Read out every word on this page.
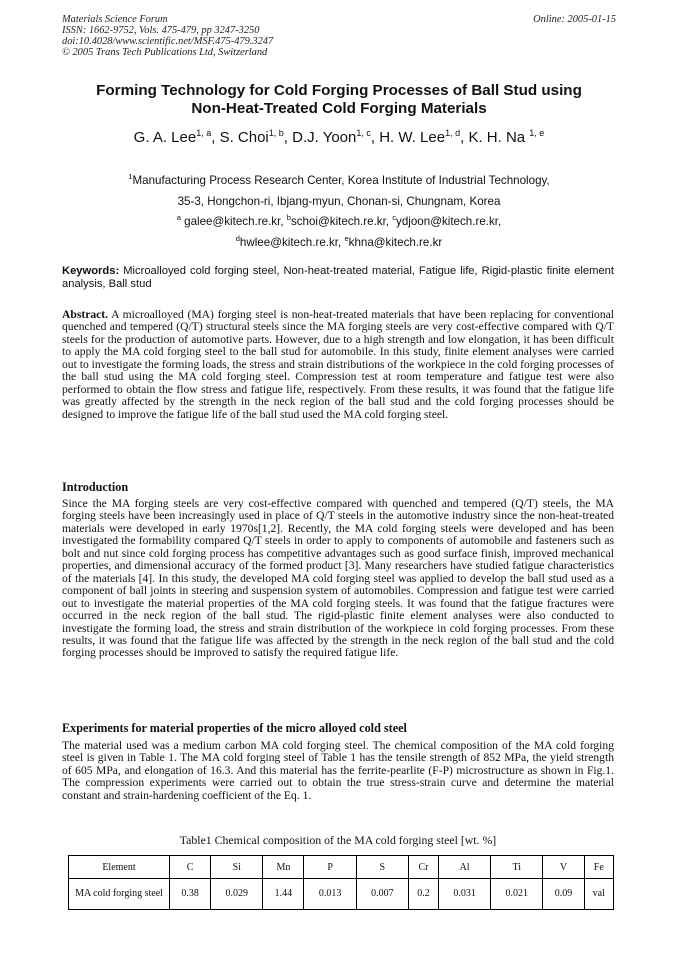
Materials Science Forum
ISSN: 1662-9752, Vols. 475-479, pp 3247-3250
doi:10.4028/www.scientific.net/MSF.475-479.3247
© 2005 Trans Tech Publications Ltd, Switzerland
Online: 2005-01-15
Forming Technology for Cold Forging Processes of Ball Stud using
Non-Heat-Treated Cold Forging Materials
G. A. Lee$^{1, a}$, S. Choi$^{1, b}$, D.J. Yoon$^{1, c}$, H. W. Lee$^{1, d}$, K. H. Na $^{1, e}$
$^1$Manufacturing Process Research Center, Korea Institute of Industrial Technology,
35-3, Hongchon-ri, Ibjang-myun, Chonan-si, Chungnam, Korea
$^a$ galee@kitech.re.kr, $^b$schoi@kitech.re.kr, $^c$ydjoon@kitech.re.kr,
$^d$hwlee@kitech.re.kr, $^e$khna@kitech.re.kr
Keywords: Microalloyed cold forging steel, Non-heat-treated material, Fatigue life, Rigid-plastic finite element analysis, Ball stud
Abstract. A microalloyed (MA) forging steel is non-heat-treated materials that have been replacing for conventional quenched and tempered (Q/T) structural steels since the MA forging steels are very cost-effective compared with Q/T steels for the production of automotive parts. However, due to a high strength and low elongation, it has been difficult to apply the MA cold forging steel to the ball stud for automobile. In this study, finite element analyses were carried out to investigate the forming loads, the stress and strain distributions of the workpiece in the cold forging processes of the ball stud using the MA cold forging steel. Compression test at room temperature and fatigue test were also performed to obtain the flow stress and fatigue life, respectively. From these results, it was found that the fatigue life was greatly affected by the strength in the neck region of the ball stud and the cold forging processes should be designed to improve the fatigue life of the ball stud used the MA cold forging steel.
Introduction
Since the MA forging steels are very cost-effective compared with quenched and tempered (Q/T) steels, the MA forging steels have been increasingly used in place of Q/T steels in the automotive industry since the non-heat-treated materials were developed in early 1970s[1,2]. Recently, the MA cold forging steels were developed and has been investigated the formability compared Q/T steels in order to apply to components of automobile and fasteners such as bolt and nut since cold forging process has competitive advantages such as good surface finish, improved mechanical properties, and dimensional accuracy of the formed product [3]. Many researchers have studied fatigue characteristics of the materials [4]. In this study, the developed MA cold forging steel was applied to develop the ball stud used as a component of ball joints in steering and suspension system of automobiles. Compression and fatigue test were carried out to investigate the material properties of the MA cold forging steels. It was found that the fatigue fractures were occurred in the neck region of the ball stud. The rigid-plastic finite element analyses were also conducted to investigate the forming load, the stress and strain distribution of the workpiece in cold forging processes. From these results, it was found that the fatigue life was affected by the strength in the neck region of the ball stud and the cold forging processes should be improved to satisfy the required fatigue life.
Experiments for material properties of the micro alloyed cold steel
The material used was a medium carbon MA cold forging steel. The chemical composition of the MA cold forging steel is given in Table 1. The MA cold forging steel of Table 1 has the tensile strength of 852 MPa, the yield strength of 605 MPa, and elongation of 16.3. And this material has the ferrite-pearlite (F-P) microstructure as shown in Fig.1. The compression experiments were carried out to obtain the true stress-strain curve and determine the material constant and strain-hardening coefficient of the Eq. 1.
Table1 Chemical composition of the MA cold forging steel [wt. %]
Element	C	Si	Mn	P	S	Cr	Al	Ti	V	Fe
MA cold forging steel	0.38	0.029	1.44	0.013	0.007	0.2	0.031	0.021	0.09	val
